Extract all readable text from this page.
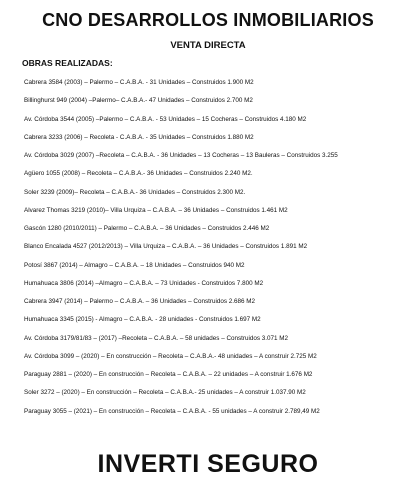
CNO DESARROLLOS INMOBILIARIOS
VENTA DIRECTA
OBRAS REALIZADAS:
Cabrera 3584 (2003) – Palermo – C.A.B.A. - 31 Unidades – Construidos 1.900 M2
Billinghurst 949 (2004) –Palermo– C.A.B.A.- 47 Unidades – Construidos 2.700 M2
Av. Córdoba 3544 (2005) –Palermo – C.A.B.A. - 53 Unidades – 15 Cocheras – Construidos 4.180 M2
Cabrera 3233 (2006) – Recoleta - C.A.B.A. - 35 Unidades – Construidos 1.880 M2
Av. Córdoba 3029 (2007) –Recoleta – C.A.B.A. - 36 Unidades – 13 Cocheras – 13 Bauleras – Construidos 3.255
Agüero 1055 (2008) – Recoleta – C.A.B.A.- 36 Unidades – Construidos 2.240 M2.
Soler 3239 (2009)– Recoleta – C.A.B.A.- 36 Unidades – Construidos 2.300 M2.
Alvarez Thomas 3219 (2010)– Villa Urquiza – C.A.B.A. – 36 Unidades – Construidos 1.461 M2
Gascón 1280 (2010/2011) – Palermo – C.A.B.A. – 36 Unidades – Construidos 2.446 M2
Blanco Encalada 4527 (2012/2013) – Villa Urquiza – C.A.B.A. – 36 Unidades – Construidos 1.891 M2
Potosí 3867 (2014) – Almagro – C.A.B.A. – 18 Unidades – Construidos 940 M2
Humahuaca 3806 (2014) –Almagro – C.A.B.A. – 73 Unidades - Construidos 7.800 M2
Cabrera 3947 (2014) – Palermo – C.A.B.A. – 36 Unidades – Construidos 2.686 M2
Humahuaca 3345 (2015) - Almagro – C.A.B.A. - 28 unidades - Construidos 1.697 M2
Av. Córdoba 3179/81/83 – (2017) –Recoleta – C.A.B.A. – 58 unidades – Construidos 3.071 M2
Av. Córdoba 3099 – (2020) – En construcción – Recoleta – C.A.B.A.- 48 unidades – A construir 2.725 M2
Paraguay 2881 – (2020) – En construcción – Recoleta – C.A.B.A. – 22 unidades – A construir 1.676 M2
Soler 3272 – (2020) – En construcción – Recoleta – C.A.B.A.- 25 unidades – A construir 1.037.90 M2
Paraguay 3055 – (2021) – En construcción – Recoleta – C.A.B.A. - 55 unidades – A construir 2.789,49 M2
INVERTI SEGURO
